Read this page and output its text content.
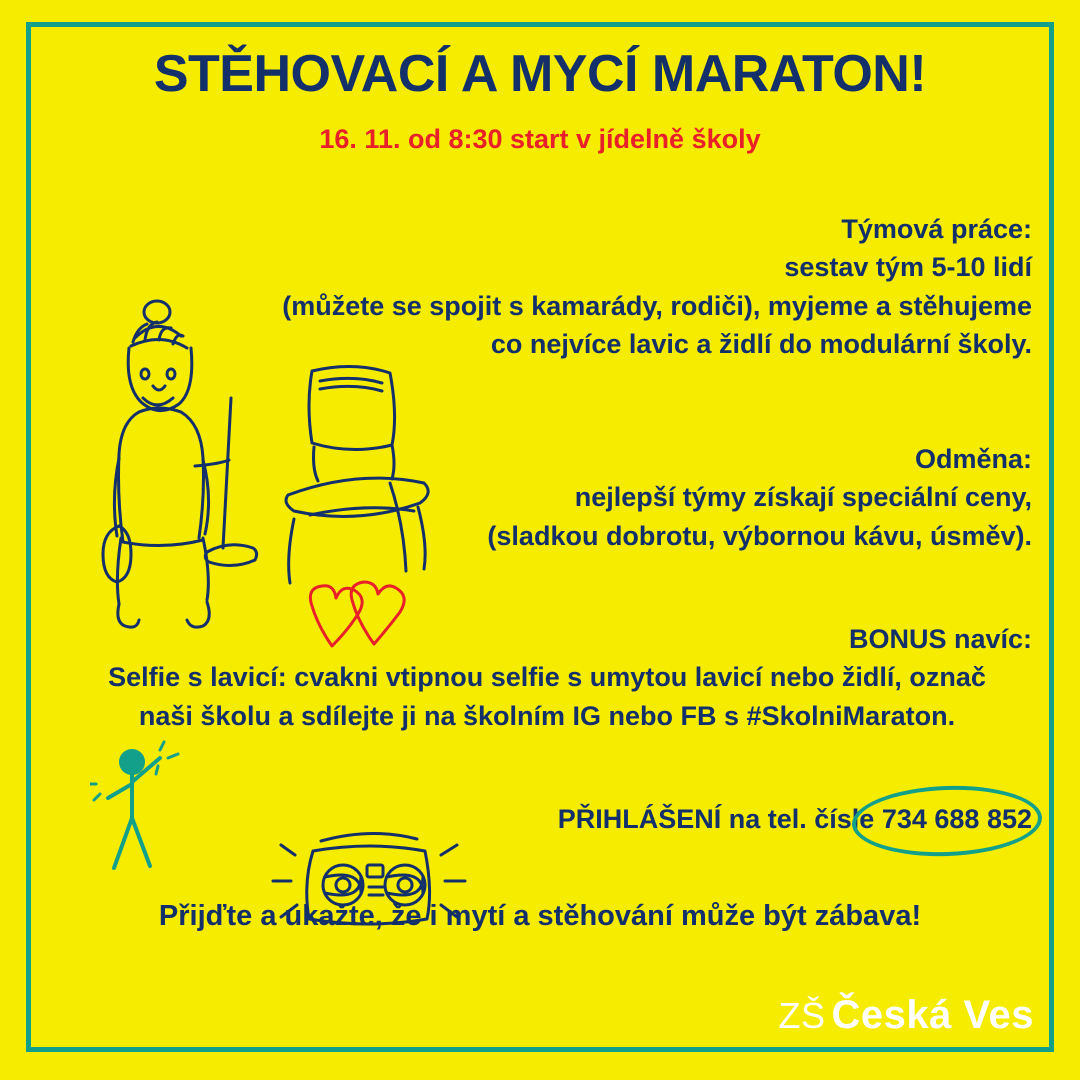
STĚHOVACÍ A MYCÍ MARATON!
16. 11. od 8:30 start v jídelně školy
Týmová práce:
sestav tým 5-10 lidí
(můžete se spojit s kamarády, rodiči), myjeme a stěhujeme
co nejvíce lavic a židlí do modulární školy.
Odměna:
nejlepší týmy získají speciální ceny,
(sladkou dobrotu, výbornou kávu, úsměv).
BONUS navíc:
Selfie s lavicí: cvakni vtipnou selfie s umytou lavicí nebo židlí, označ
naši školu a sdílejte ji na školním IG nebo FB s #SkolniMaraton.
PŘIHLÁŠENÍ na tel. čísle 734 688 852
Přijďte a ukažte, že i mytí a stěhování může být zábava!
ZŠ Česká Ves
